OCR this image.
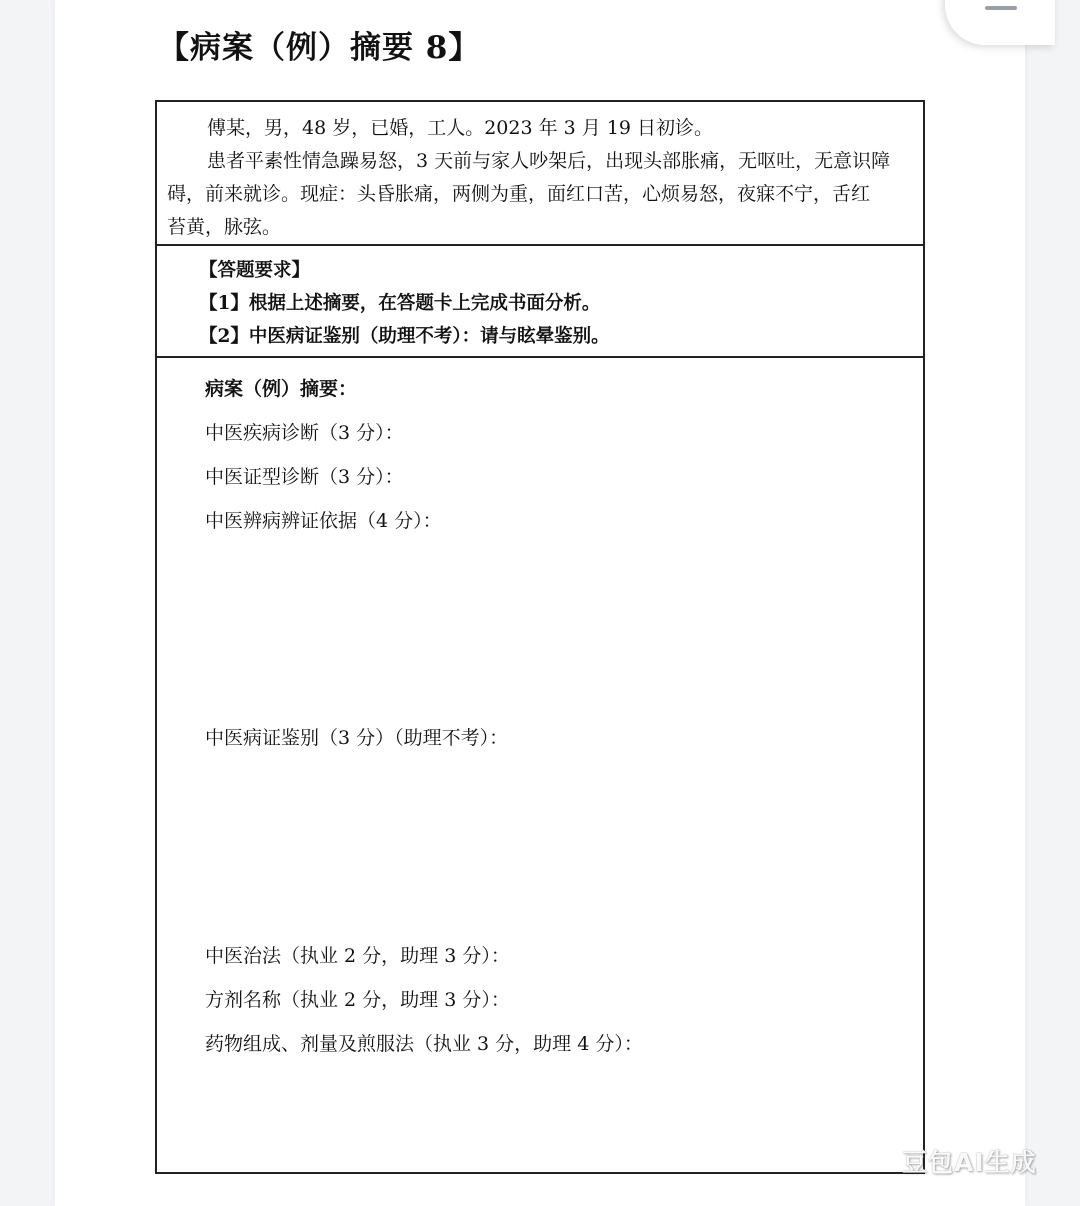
【病案（例）摘要 8】

傅某，男，48 岁，已婚，工人。2023 年 3 月 19 日初诊。

患者平素性情急躁易怒，3 天前与家人吵架后，出现头部胀痛，无呕吐，无意识障

碍，前来就诊。现症：头昏胀痛，两侧为重，面红口苦，心烦易怒，夜寐不宁，舌红

苔黄，脉弦。

【答题要求】
【1】根据上述摘要，在答题卡上完成书面分析。
【2】中医病证鉴别（助理不考）：请与眩晕鉴别。
病案（例）摘要：
中医疾病诊断（3 分）：
中医证型诊断（3 分）：
中医辨病辨证依据（4 分）：
中医病证鉴别（3 分）（助理不考）：
中医治法（执业 2 分，助理 3 分）：
方剂名称（执业 2 分，助理 3 分）：
药物组成、剂量及煎服法（执业 3 分，助理 4 分）：
豆包AI生成
